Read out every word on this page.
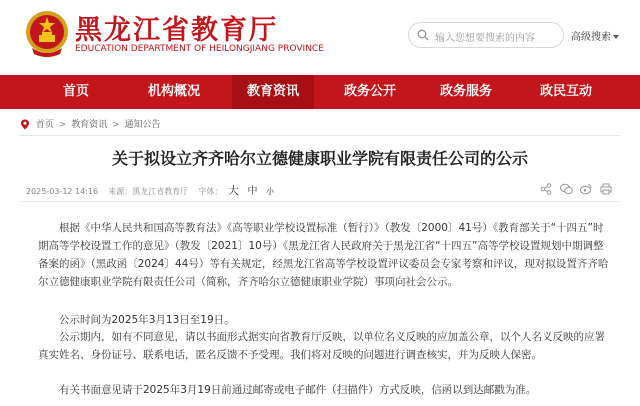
黑龙江省教育厅
EDUCATION DEPARTMENT OF HEILONGJIANG PROVINCE
输入您想要搜索的内容	高级搜索
首页	机构概况	教育资讯	政务公开	政务服务	政民互动
首页 > 教育资讯 > 通知公告
关于拟设立齐齐哈尔立德健康职业学院有限责任公司的公示
2025-03-12 14:16 来源：黑龙江省教育厅 字体： 大 中 小

根据《中华人民共和国高等教育法》《高等职业学校设置标准（暂行）》（教发〔2000〕41号）《教育部关于“十四五”时期高等学校设置工作的意见》（教发〔2021〕10号）《黑龙江省人民政府关于黑龙江省“十四五”高等学校设置规划中期调整备案的函》（黑政函〔2024〕44号）等有关规定，经黑龙江省高等学校设置评议委员会专家考察和评议，现对拟设置齐齐哈尔立德健康职业学院有限责任公司（简称，齐齐哈尔立德健康职业学院）事项向社会公示。

公示时间为2025年3月13日至19日。

公示期内，如有不同意见，请以书面形式据实向省教育厅反映，以单位名义反映的应加盖公章，以个人名义反映的应署真实姓名、身份证号、联系电话，匿名反馈不予受理。我们将对反映的问题进行调查核实，并为反映人保密。

有关书面意见请于2025年3月19日前通过邮寄或电子邮件（扫描件）方式反映，信函以到达邮戳为准。
